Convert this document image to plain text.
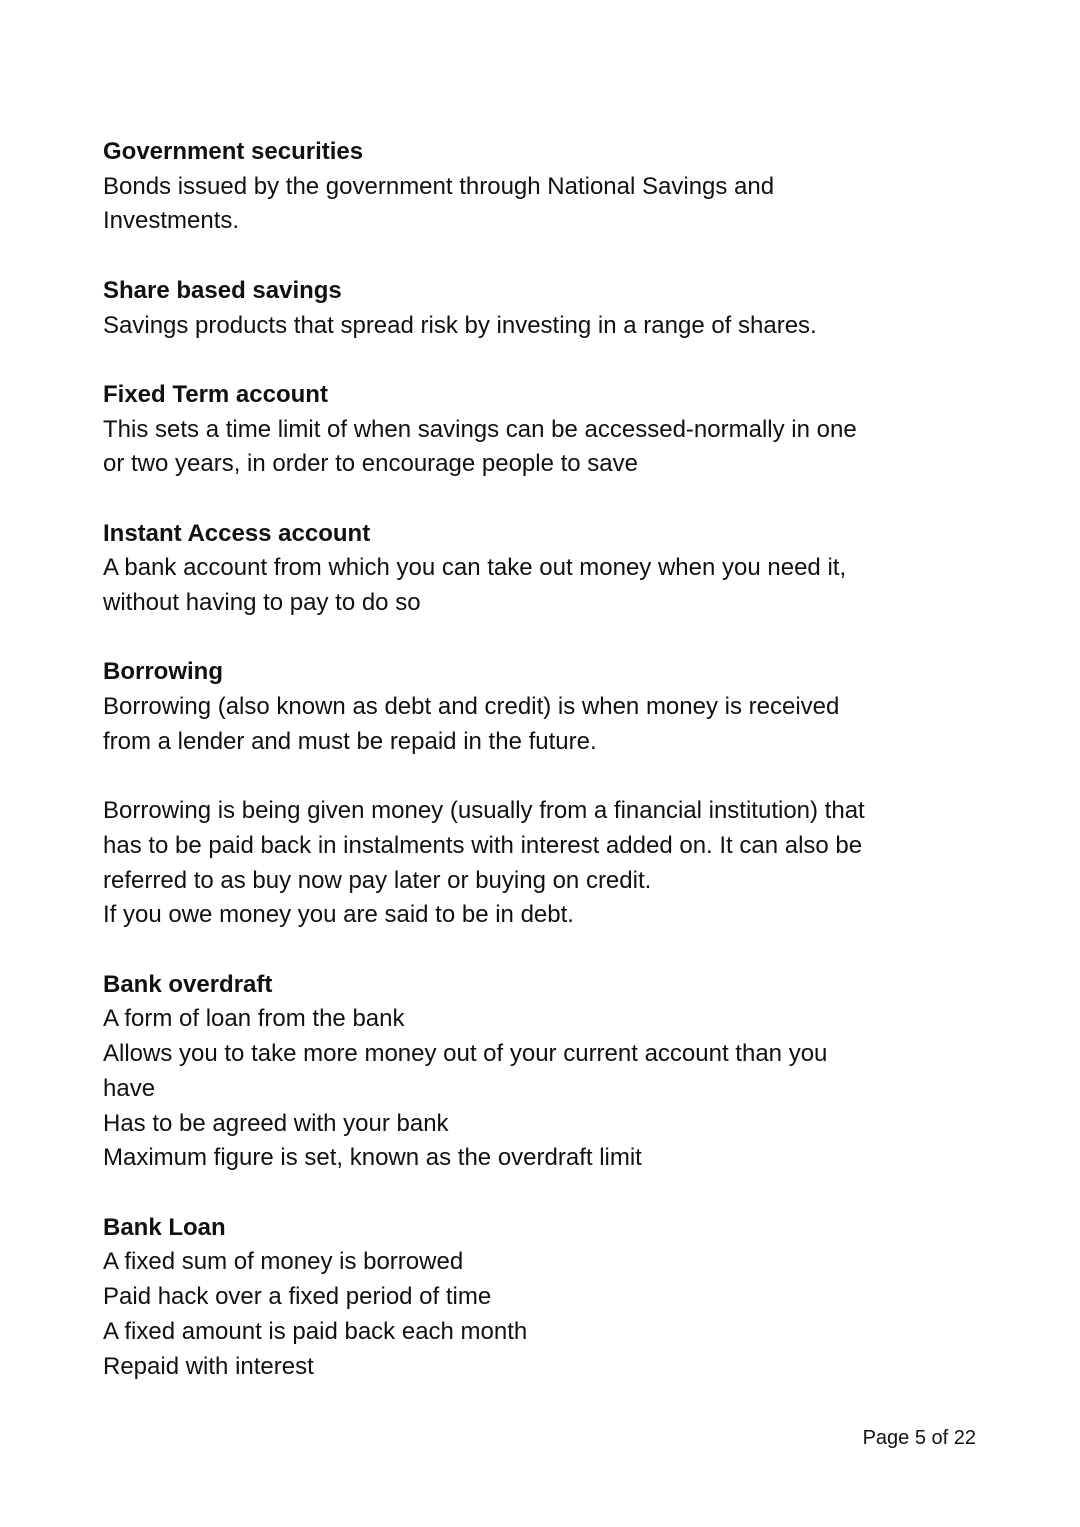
Government securities

Bonds issued by the government through National Savings and

Investments.

Share based savings

Savings products that spread risk by investing in a range of shares.

Fixed Term account

This sets a time limit of when savings can be accessed-normally in one

or two years, in order to encourage people to save

Instant Access account

A bank account from which you can take out money when you need it,

without having to pay to do so

Borrowing

Borrowing (also known as debt and credit) is when money is received

from a lender and must be repaid in the future.

Borrowing is being given money (usually from a financial institution) that

has to be paid back in instalments with interest added on. It can also be

referred to as buy now pay later or buying on credit.

If you owe money you are said to be in debt.

Bank overdraft

A form of loan from the bank

Allows you to take more money out of your current account than you

have

Has to be agreed with your bank

Maximum figure is set, known as the overdraft limit

Bank Loan

A fixed sum of money is borrowed

Paid hack over a fixed period of time

A fixed amount is paid back each month

Repaid with interest

Page 5 of 22
